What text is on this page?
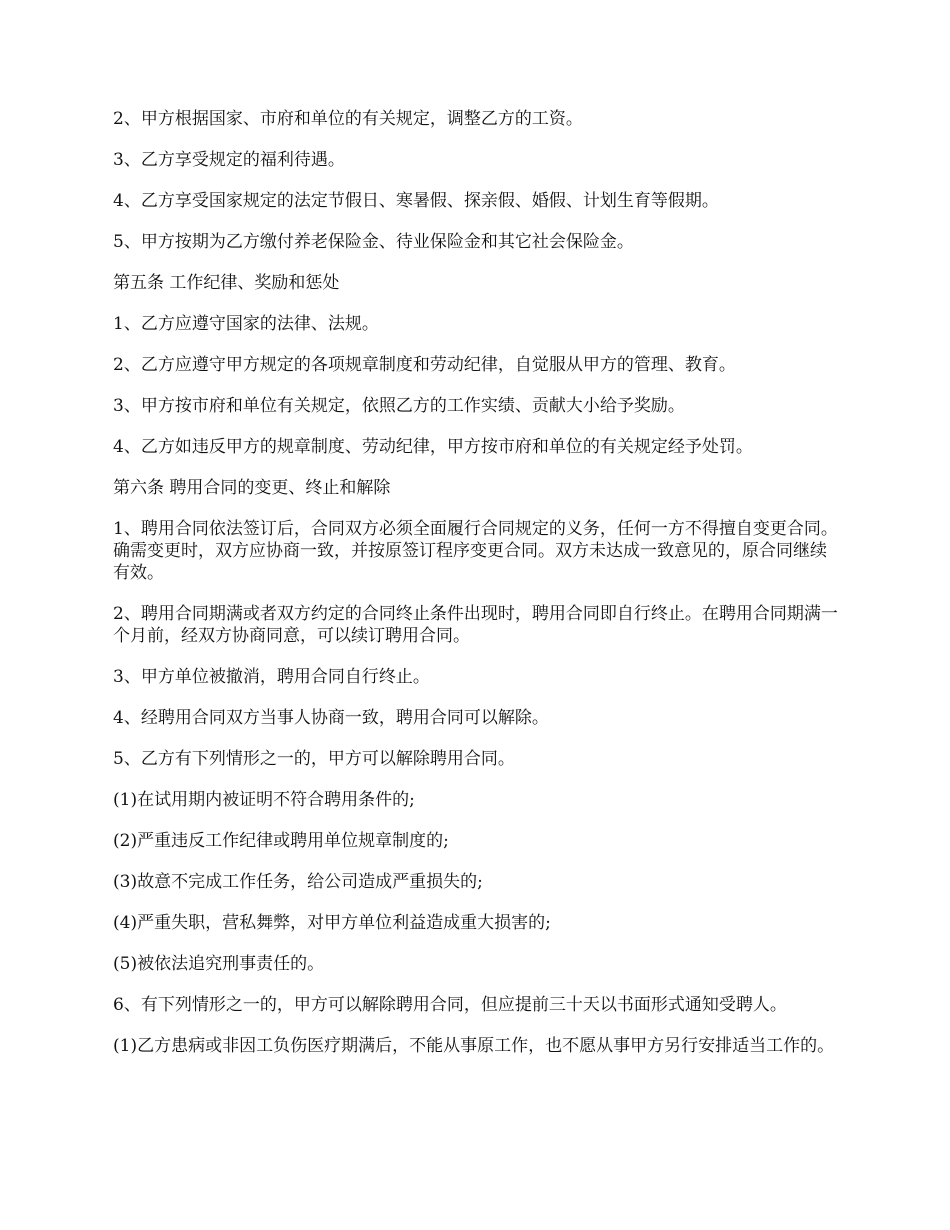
2、甲方根据国家、市府和单位的有关规定，调整乙方的工资。

3、乙方享受规定的福利待遇。

4、乙方享受国家规定的法定节假日、寒暑假、探亲假、婚假、计划生育等假期。

5、甲方按期为乙方缴付养老保险金、待业保险金和其它社会保险金。

第五条 工作纪律、奖励和惩处

1、乙方应遵守国家的法律、法规。

2、乙方应遵守甲方规定的各项规章制度和劳动纪律，自觉服从甲方的管理、教育。

3、甲方按市府和单位有关规定，依照乙方的工作实绩、贡献大小给予奖励。

4、乙方如违反甲方的规章制度、劳动纪律，甲方按市府和单位的有关规定经予处罚。

第六条 聘用合同的变更、终止和解除

1、聘用合同依法签订后，合同双方必须全面履行合同规定的义务，任何一方不得擅自变更合同。确需变更时，双方应协商一致，并按原签订程序变更合同。双方未达成一致意见的，原合同继续有效。

2、聘用合同期满或者双方约定的合同终止条件出现时，聘用合同即自行终止。在聘用合同期满一个月前，经双方协商同意，可以续订聘用合同。

3、甲方单位被撤消，聘用合同自行终止。

4、经聘用合同双方当事人协商一致，聘用合同可以解除。

5、乙方有下列情形之一的，甲方可以解除聘用合同。

(1)在试用期内被证明不符合聘用条件的;

(2)严重违反工作纪律或聘用单位规章制度的;

(3)故意不完成工作任务，给公司造成严重损失的;

(4)严重失职，营私舞弊，对甲方单位利益造成重大损害的;

(5)被依法追究刑事责任的。

6、有下列情形之一的，甲方可以解除聘用合同，但应提前三十天以书面形式通知受聘人。

(1)乙方患病或非因工负伤医疗期满后，不能从事原工作，也不愿从事甲方另行安排适当工作的。
